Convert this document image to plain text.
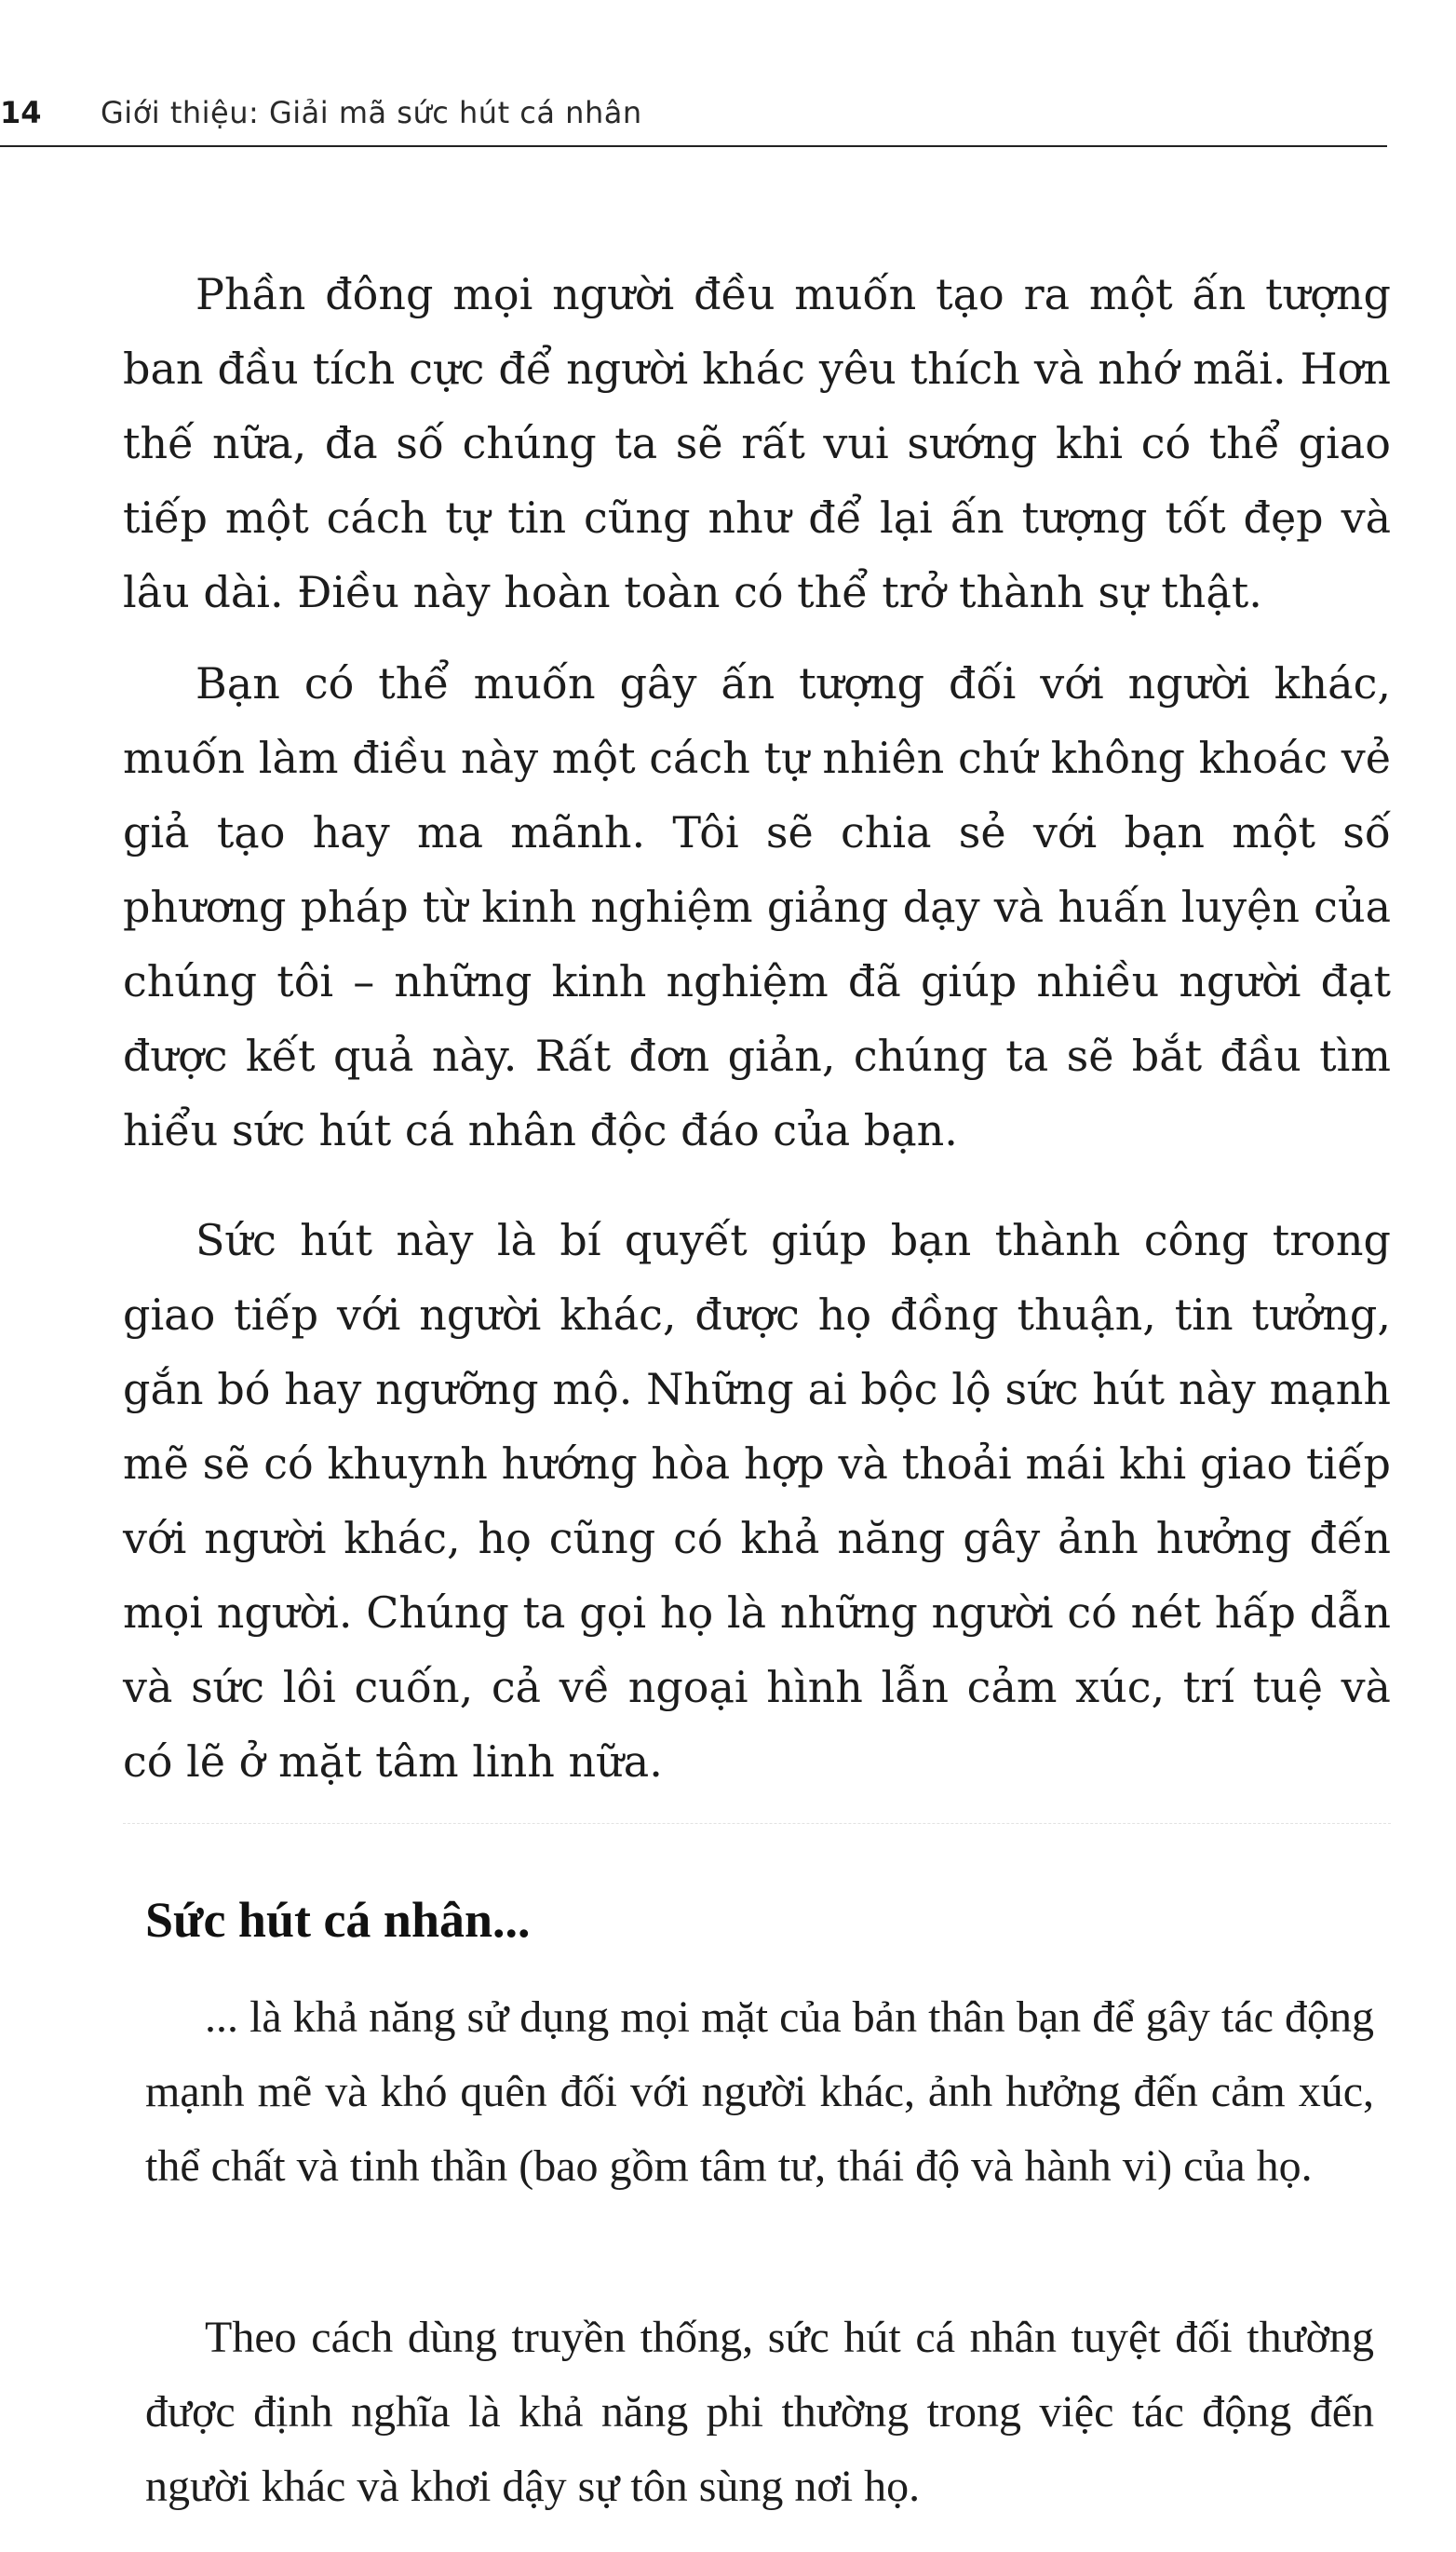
14 Giới thiệu: Giải mã sức hút cá nhân

Phần đông mọi người đều muốn tạo ra một ấn tượng ban đầu tích cực để người khác yêu thích và nhớ mãi. Hơn thế nữa, đa số chúng ta sẽ rất vui sướng khi có thể giao tiếp một cách tự tin cũng như để lại ấn tượng tốt đẹp và lâu dài. Điều này hoàn toàn có thể trở thành sự thật.

Bạn có thể muốn gây ấn tượng đối với người khác, muốn làm điều này một cách tự nhiên chứ không khoác vẻ giả tạo hay ma mãnh. Tôi sẽ chia sẻ với bạn một số phương pháp từ kinh nghiệm giảng dạy và huấn luyện của chúng tôi – những kinh nghiệm đã giúp nhiều người đạt được kết quả này. Rất đơn giản, chúng ta sẽ bắt đầu tìm hiểu sức hút cá nhân độc đáo của bạn.

Sức hút này là bí quyết giúp bạn thành công trong giao tiếp với người khác, được họ đồng thuận, tin tưởng, gắn bó hay ngưỡng mộ. Những ai bộc lộ sức hút này mạnh mẽ sẽ có khuynh hướng hòa hợp và thoải mái khi giao tiếp với người khác, họ cũng có khả năng gây ảnh hưởng đến mọi người. Chúng ta gọi họ là những người có nét hấp dẫn và sức lôi cuốn, cả về ngoại hình lẫn cảm xúc, trí tuệ và có lẽ ở mặt tâm linh nữa.

Sức hút cá nhân...

... là khả năng sử dụng mọi mặt của bản thân bạn để gây tác động mạnh mẽ và khó quên đối với người khác, ảnh hưởng đến cảm xúc, thể chất và tinh thần (bao gồm tâm tư, thái độ và hành vi) của họ.

Theo cách dùng truyền thống, sức hút cá nhân tuyệt đối thường được định nghĩa là khả năng phi thường trong việc tác động đến người khác và khơi dậy sự tôn sùng nơi họ.
